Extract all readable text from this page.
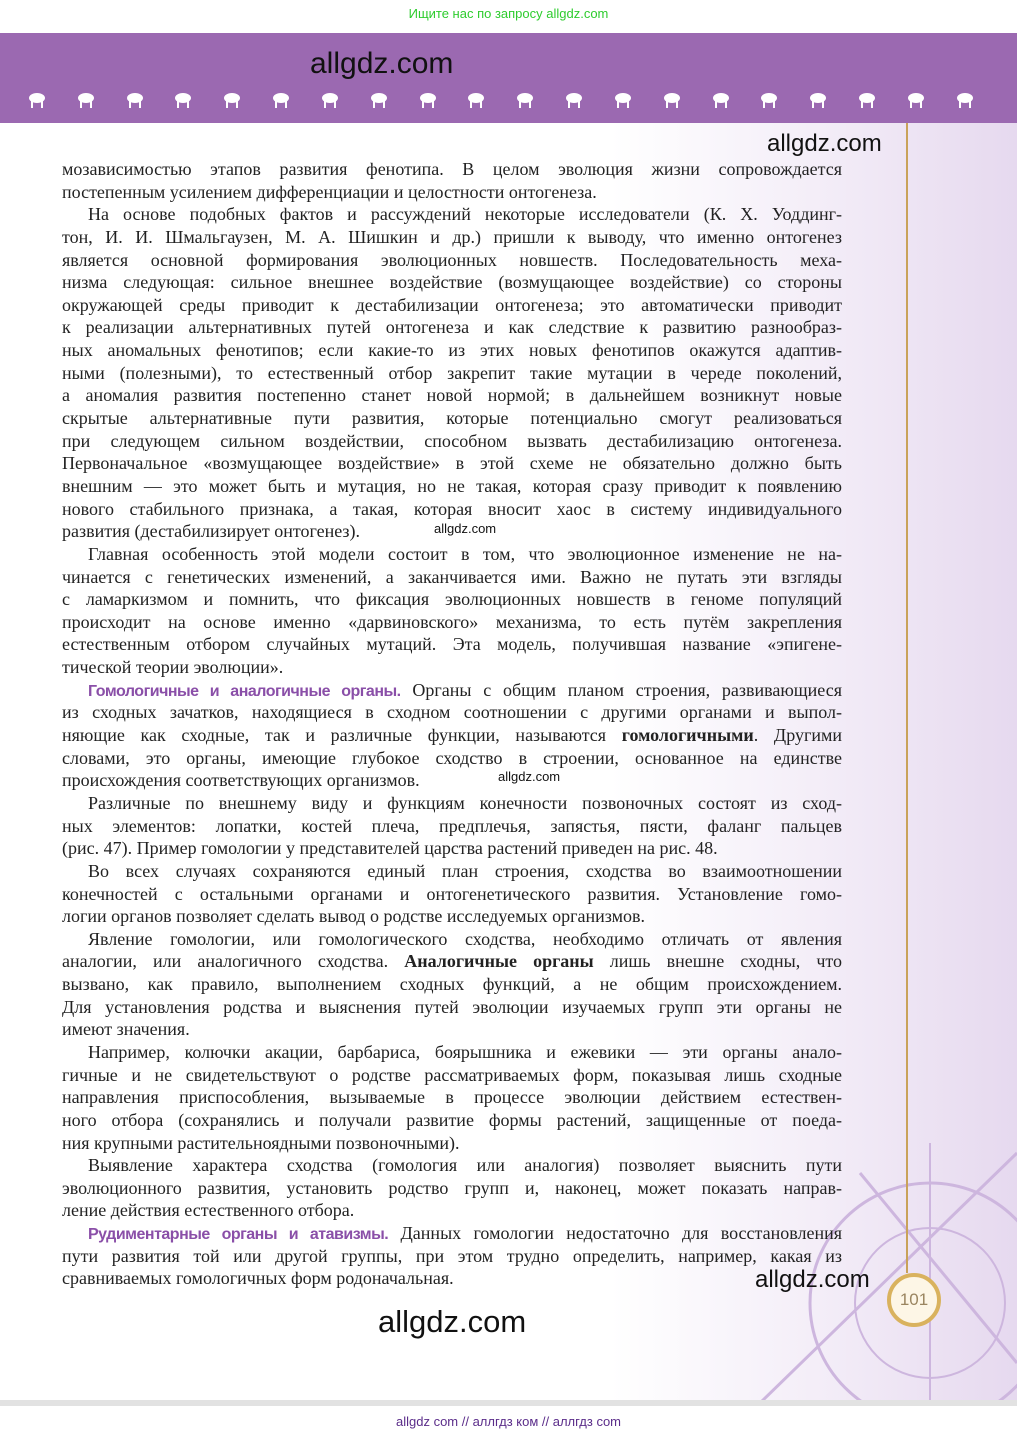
Ищите нас по запросу allgdz.com
allgdz.com
101
мозависимостью этапов развития фенотипа. В целом эволюция жизни сопровождается
постепенным усилением дифференциации и целостности онтогенеза.
На основе подобных фактов и рассуждений некоторые исследователи (К. Х. Уоддинг-
тон, И. И. Шмальгаузен, М. А. Шишкин и др.) пришли к выводу, что именно онтогенез
является основной формирования эволюционных новшеств. Последовательность меха-
низма следующая: сильное внешнее воздействие (возмущающее воздействие) со стороны
окружающей среды приводит к дестабилизации онтогенеза; это автоматически приводит
к реализации альтернативных путей онтогенеза и как следствие к развитию разнообраз-
ных аномальных фенотипов; если какие-то из этих новых фенотипов окажутся адаптив-
ными (полезными), то естественный отбор закрепит такие мутации в череде поколений,
а аномалия развития постепенно станет новой нормой; в дальнейшем возникнут новые
скрытые альтернативные пути развития, которые потенциально смогут реализоваться
при следующем сильном воздействии, способном вызвать дестабилизацию онтогенеза.
Первоначальное «возмущающее воздействие» в этой схеме не обязательно должно быть
внешним — это может быть и мутация, но не такая, которая сразу приводит к появлению
нового стабильного признака, а такая, которая вносит хаос в систему индивидуального
развития (дестабилизирует онтогенез).
Главная особенность этой модели состоит в том, что эволюционное изменение не на-
чинается с генетических изменений, а заканчивается ими. Важно не путать эти взгляды
с ламаркизмом и помнить, что фиксация эволюционных новшеств в геноме популяций
происходит на основе именно «дарвиновского» механизма, то есть путём закрепления
естественным отбором случайных мутаций. Эта модель, получившая название «эпигене-
тической теории эволюции».
Гомологичные и аналогичные органы. Органы с общим планом строения, развивающиеся
из сходных зачатков, находящиеся в сходном соотношении с другими органами и выпол-
няющие как сходные, так и различные функции, называются гомологичными. Другими
словами, это органы, имеющие глубокое сходство в строении, основанное на единстве
происхождения соответствующих организмов.
Различные по внешнему виду и функциям конечности позвоночных состоят из сход-
ных элементов: лопатки, костей плеча, предплечья, запястья, пясти, фаланг пальцев
(рис. 47). Пример гомологии у представителей царства растений приведен на рис. 48.
Во всех случаях сохраняются единый план строения, сходства во взаимоотношении
конечностей с остальными органами и онтогенетического развития. Установление гомо-
логии органов позволяет сделать вывод о родстве исследуемых организмов.
Явление гомологии, или гомологического сходства, необходимо отличать от явления
аналогии, или аналогичного сходства. Аналогичные органы лишь внешне сходны, что
вызвано, как правило, выполнением сходных функций, а не общим происхождением.
Для установления родства и выяснения путей эволюции изучаемых групп эти органы не
имеют значения.
Например, колючки акации, барбариса, боярышника и ежевики — эти органы анало-
гичные и не свидетельствуют о родстве рассматриваемых форм, показывая лишь сходные
направления приспособления, вызываемые в процессе эволюции действием естествен-
ного отбора (сохранялись и получали развитие формы растений, защищенные от поеда-
ния крупными растительноядными позвоночными).
Выявление характера сходства (гомология или аналогия) позволяет выяснить пути
эволюционного развития, установить родство групп и, наконец, может показать направ-
ление действия естественного отбора.
Рудиментарные органы и атавизмы. Данных гомологии недостаточно для восстановления
пути развития той или другой группы, при этом трудно определить, например, какая из
сравниваемых гомологичных форм родоначальная.
allgdz.com
allgdz.com
allgdz.com
allgdz.com
allgdz.com
allgdz com // аллгдз ком // аллгдз com
